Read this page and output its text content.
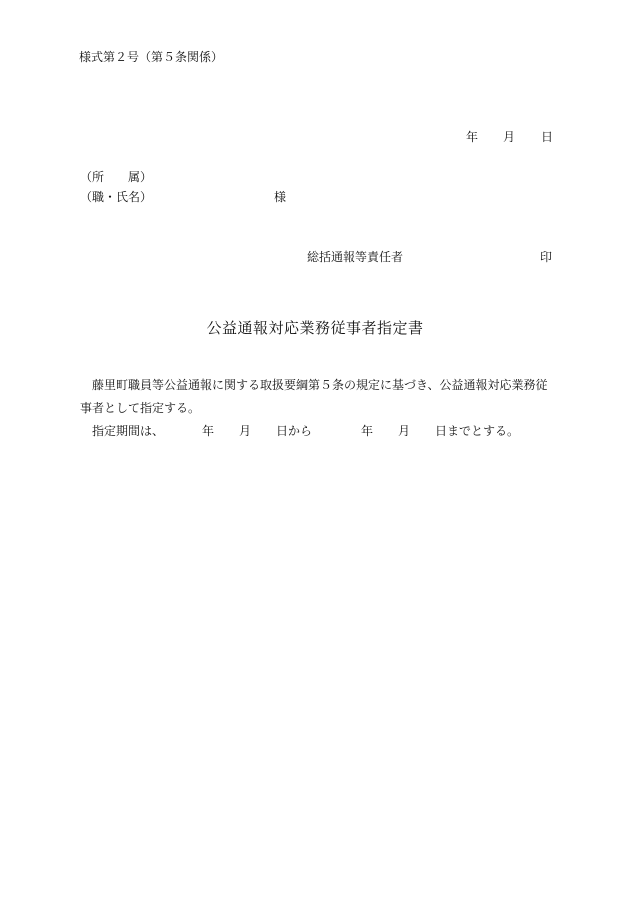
様式第２号（第５条関係）
年 月 日
（所　　属）
（職・氏名）	様
総括通報等責任者	印
公益通報対応業務従事者指定書

藤里町職員等公益通報に関する取扱要綱第５条の規定に基づき、公益通報対応業務従事者として指定する。

指定期間は、	年 月 日から	年 月 日までとする。
